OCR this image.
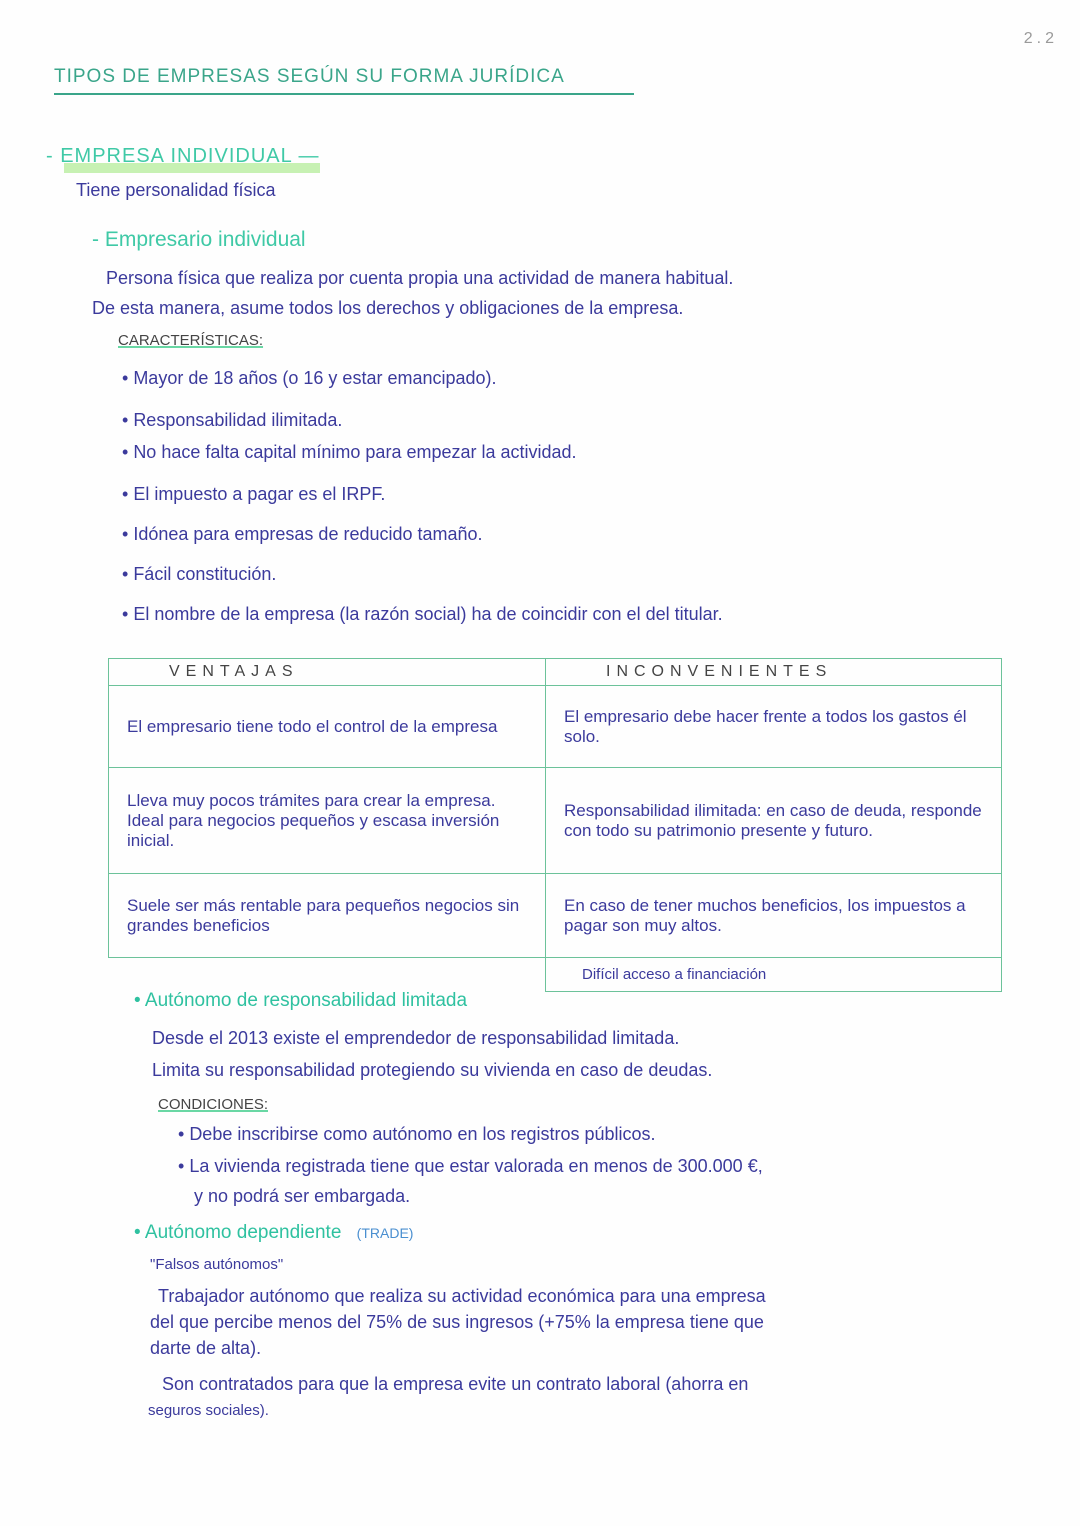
2.2
TIPOS DE EMPRESAS SEGÚN SU FORMA JURÍDICA
- EMPRESA INDIVIDUAL —
Tiene personalidad física
- Empresario individual
Persona física que realiza por cuenta propia una actividad de manera habitual.
De esta manera, asume todos los derechos y obligaciones de la empresa.
CARACTERÍSTICAS:
• Mayor de 18 años (o 16 y estar emancipado).
• Responsabilidad ilimitada.
• No hace falta capital mínimo para empezar la actividad.
• El impuesto a pagar es el IRPF.
• Idónea para empresas de reducido tamaño.
• Fácil constitución.
• El nombre de la empresa (la razón social) ha de coincidir con el del titular.
VENTAJAS	INCONVENIENTES
El empresario tiene todo el control de la empresa	El empresario debe hacer frente a todos los gastos él solo.
Lleva muy pocos trámites para crear la empresa. Ideal para negocios pequeños y escasa inversión inicial.	Responsabilidad ilimitada: en caso de deuda, responde con todo su patrimonio presente y futuro.
Suele ser más rentable para pequeños negocios sin grandes beneficios	En caso de tener muchos beneficios, los impuestos a pagar son muy altos.
	Difícil acceso a financiación
• Autónomo de responsabilidad limitada
Desde el 2013 existe el emprendedor de responsabilidad limitada.
Limita su responsabilidad protegiendo su vivienda en caso de deudas.
CONDICIONES:
• Debe inscribirse como autónomo en los registros públicos.
• La vivienda registrada tiene que estar valorada en menos de 300.000 €,
y no podrá ser embargada.
• Autónomo dependiente (TRADE)
"Falsos autónomos"
Trabajador autónomo que realiza su actividad económica para una empresa
del que percibe menos del 75% de sus ingresos (+75% la empresa tiene que
darte de alta).
Son contratados para que la empresa evite un contrato laboral (ahorra en
seguros sociales).
